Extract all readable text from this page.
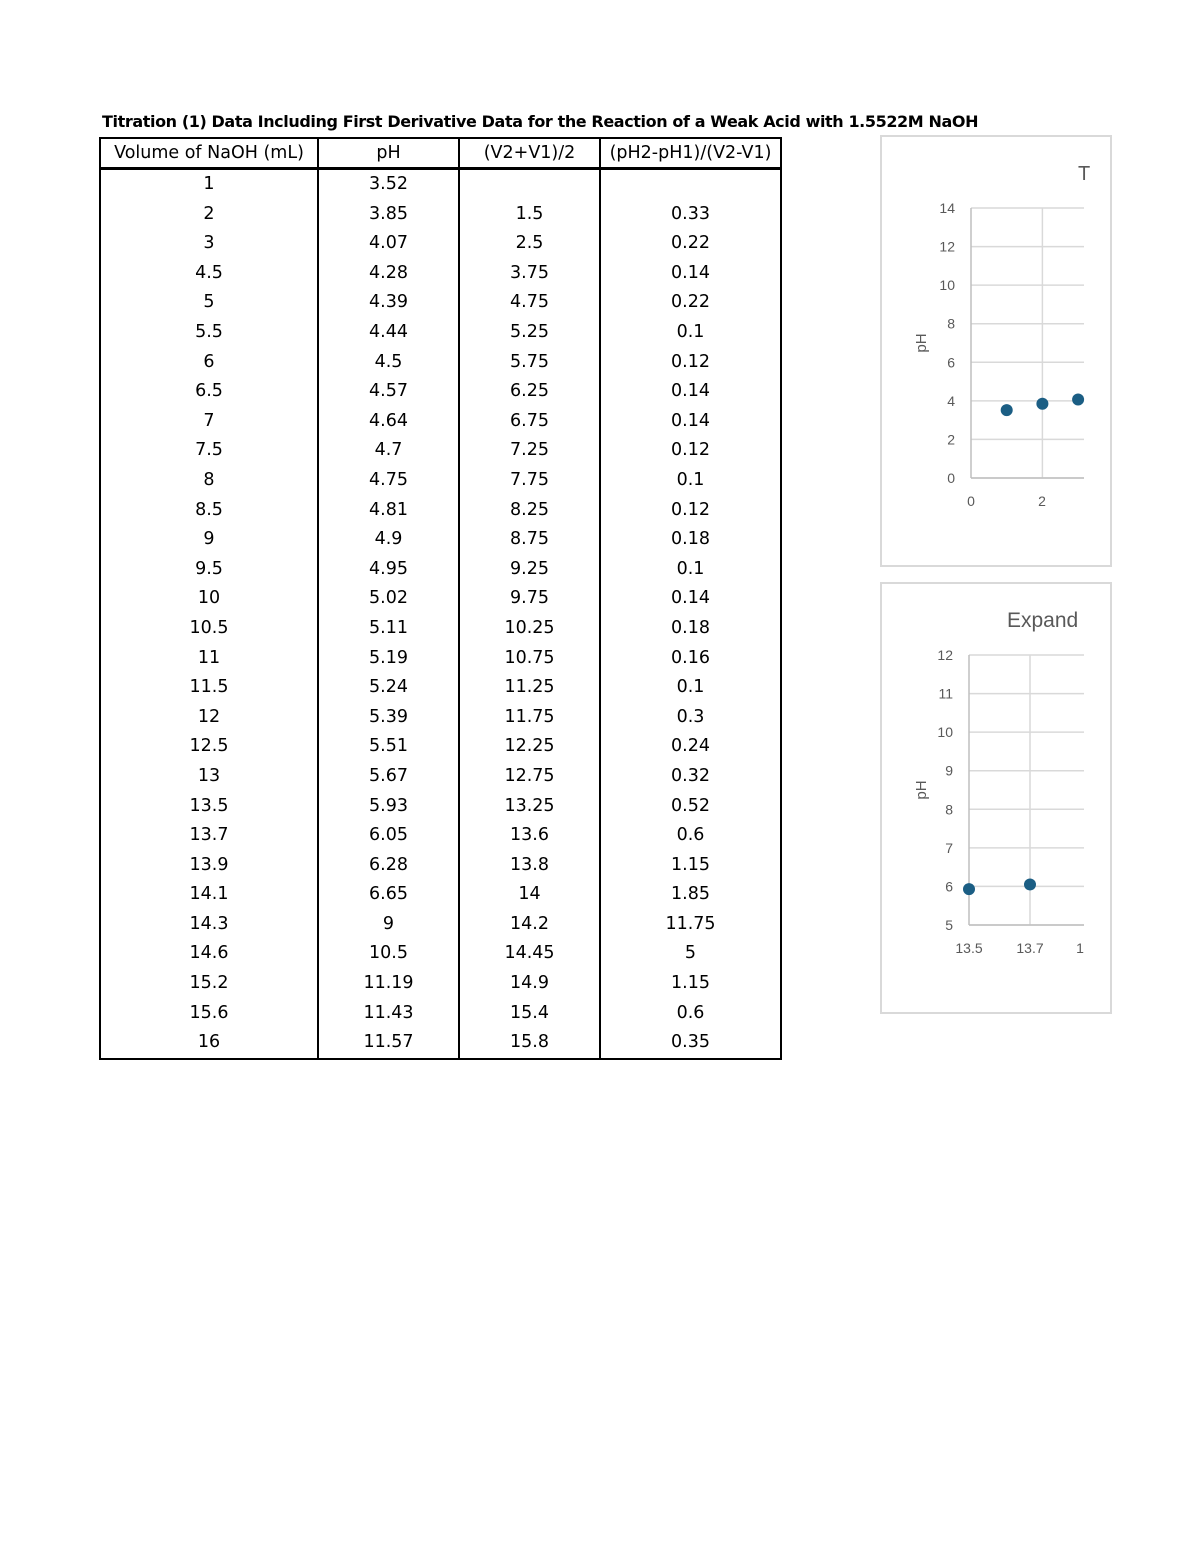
Titration (1) Data Including First Derivative Data for the Reaction of a Weak Acid with 1.5522M NaOH
Volume of NaOH (mL)	pH	(V2+V1)/2	(pH2-pH1)/(V2-V1)
1	3.52		
2	3.85	1.5	0.33
3	4.07	2.5	0.22
4.5	4.28	3.75	0.14
5	4.39	4.75	0.22
5.5	4.44	5.25	0.1
6	4.5	5.75	0.12
6.5	4.57	6.25	0.14
7	4.64	6.75	0.14
7.5	4.7	7.25	0.12
8	4.75	7.75	0.1
8.5	4.81	8.25	0.12
9	4.9	8.75	0.18
9.5	4.95	9.25	0.1
10	5.02	9.75	0.14
10.5	5.11	10.25	0.18
11	5.19	10.75	0.16
11.5	5.24	11.25	0.1
12	5.39	11.75	0.3
12.5	5.51	12.25	0.24
13	5.67	12.75	0.32
13.5	5.93	13.25	0.52
13.7	6.05	13.6	0.6
13.9	6.28	13.8	1.15
14.1	6.65	14	1.85
14.3	9	14.2	11.75
14.6	10.5	14.45	5
15.2	11.19	14.9	1.15
15.6	11.43	15.4	0.6
16	11.57	15.8	0.35
T
pH
0
2
4
6
8
10
12
14
0	2
Expand
pH
5
6
7
8
9
10
11
12
13.5 13.7 1
